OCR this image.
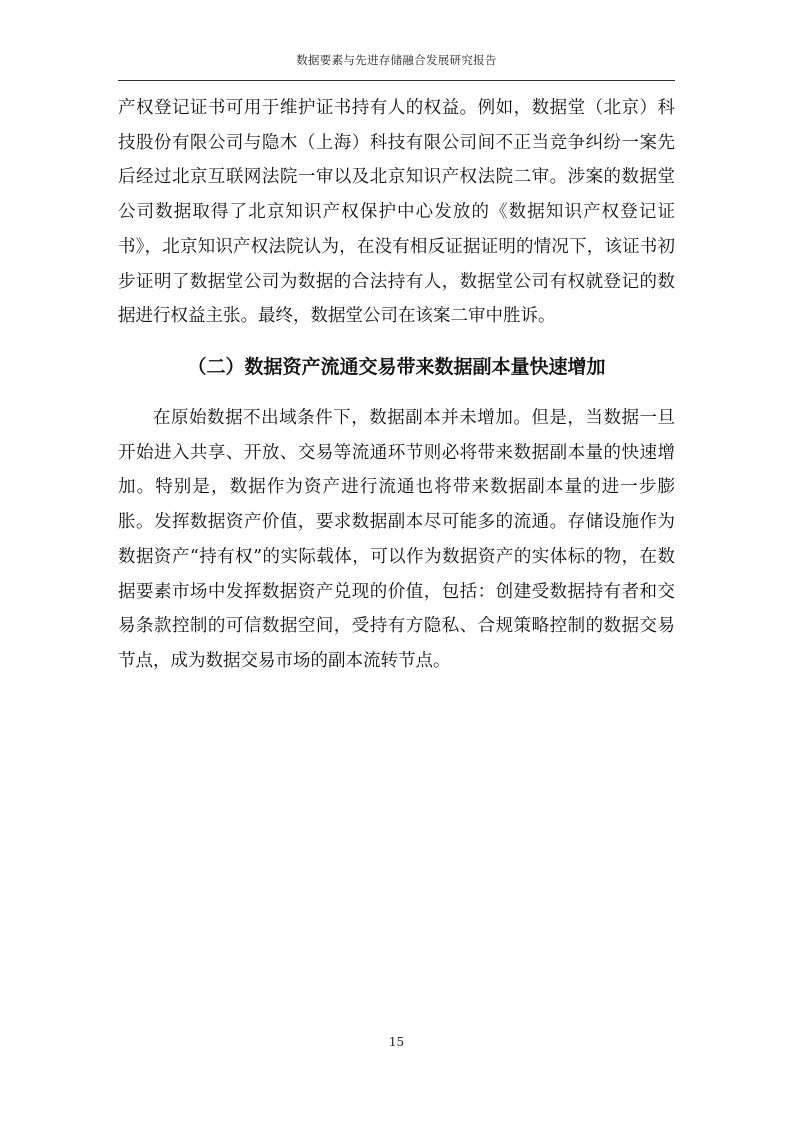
数据要素与先进存储融合发展研究报告

产权登记证书可用于维护证书持有人的权益。例如，数据堂（北京）科技股份有限公司与隐木（上海）科技有限公司间不正当竞争纠纷一案先后经过北京互联网法院一审以及北京知识产权法院二审。涉案的数据堂公司数据取得了北京知识产权保护中心发放的《数据知识产权登记证书》，北京知识产权法院认为，在没有相反证据证明的情况下，该证书初步证明了数据堂公司为数据的合法持有人，数据堂公司有权就登记的数据进行权益主张。最终，数据堂公司在该案二审中胜诉。

（二）数据资产流通交易带来数据副本量快速增加

在原始数据不出域条件下，数据副本并未增加。但是，当数据一旦开始进入共享、开放、交易等流通环节则必将带来数据副本量的快速增加。特别是，数据作为资产进行流通也将带来数据副本量的进一步膨胀。发挥数据资产价值，要求数据副本尽可能多的流通。存储设施作为数据资产“持有权”的实际载体，可以作为数据资产的实体标的物，在数据要素市场中发挥数据资产兑现的价值，包括：创建受数据持有者和交易条款控制的可信数据空间，受持有方隐私、合规策略控制的数据交易节点，成为数据交易市场的副本流转节点。

15
